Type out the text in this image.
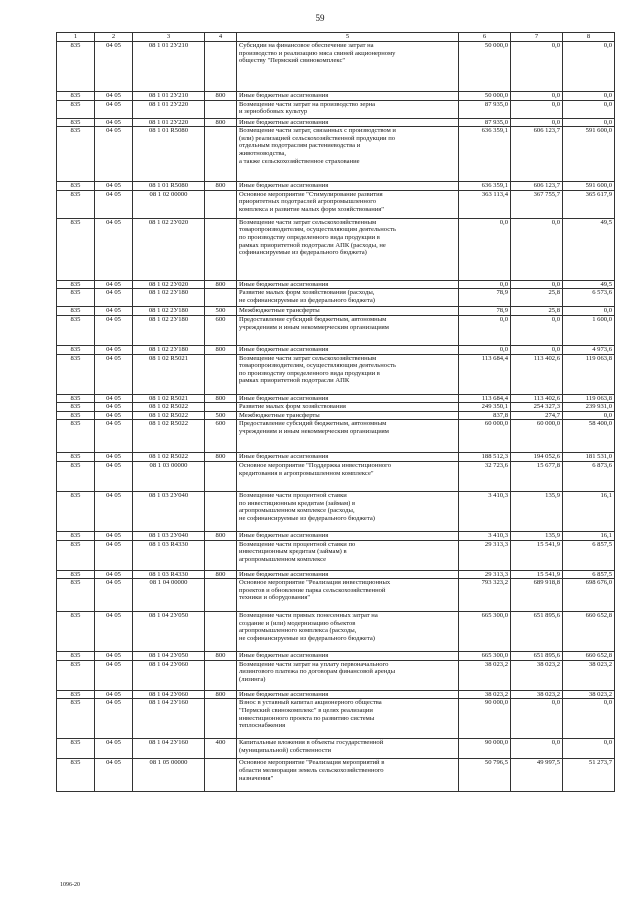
59
1	2	3	4	5	6	7	8
835	04 05	08 1 01 2У210		Субсидии на финансовое обеспечение затрат на
производство и реализацию мяса свиней акционерному
обществу "Пермский свинокомплекс"	50 000,0	0,0	0,0
835	04 05	08 1 01 2У210	800	Иные бюджетные ассигнования	50 000,0	0,0	0,0
835	04 05	08 1 01 2У220		Возмещение части затрат на производство зерна
и зернобобовых культур	87 935,0	0,0	0,0
835	04 05	08 1 01 2У220	800	Иные бюджетные ассигнования	87 935,0	0,0	0,0
835	04 05	08 1 01 R5080		Возмещение части затрат, связанных с производством и
(или) реализацией сельскохозяйственной продукции по
отдельным подотраслям растениеводства и
животноводства,
а также сельскохозяйственное страхование	636 359,1	606 123,7	591 600,0
835	04 05	08 1 01 R5080	800	Иные бюджетные ассигнования	636 359,1	606 123,7	591 600,0
835	04 05	08 1 02 00000		Основное мероприятие "Стимулирование развития
приоритетных подотраслей агропромышленного
комплекса и развитие малых форм хозяйствования"	363 113,4	367 755,7	365 617,9
835	04 05	08 1 02 2У020		Возмещение части затрат сельскохозяйственным
товаропроизводителям, осуществляющим деятельность
по производству определенного вида продукции в
рамках приоритетной подотрасли АПК (расходы, не
софинансируемые из федерального бюджета)	0,0	0,0	49,5
835	04 05	08 1 02 2У020	800	Иные бюджетные ассигнования	0,0	0,0	49,5
835	04 05	08 1 02 2У180		Развитие малых форм хозяйствования (расходы,
не софинансируемые из федерального бюджета)	78,9	25,8	6 573,6
835	04 05	08 1 02 2У180	500	Межбюджетные трансферты	78,9	25,8	0,0
835	04 05	08 1 02 2У180	600	Предоставление субсидий бюджетным, автономным
учреждениям и иным некоммерческим организациям	0,0	0,0	1 600,0
835	04 05	08 1 02 2У180	800	Иные бюджетные ассигнования	0,0	0,0	4 973,6
835	04 05	08 1 02 R5021		Возмещение части затрат сельскохозяйственным
товаропроизводителям, осуществляющим деятельность
по производству определенного вида продукции в
рамках приоритетной подотрасли АПК	113 684,4	113 402,6	119 063,8
835	04 05	08 1 02 R5021	800	Иные бюджетные ассигнования	113 684,4	113 402,6	119 063,8
835	04 05	08 1 02 R5022		Развитие малых форм хозяйствования	249 350,1	254 327,3	239 931,0
835	04 05	08 1 02 R5022	500	Межбюджетные трансферты	837,8	274,7	0,0
835	04 05	08 1 02 R5022	600	Предоставление субсидий бюджетным, автономным
учреждениям и иным некоммерческим организациям	60 000,0	60 000,0	58 400,0
835	04 05	08 1 02 R5022	800	Иные бюджетные ассигнования	188 512,3	194 052,6	181 531,0
835	04 05	08 1 03 00000		Основное мероприятие "Поддержка инвестиционного
кредитования в агропромышленном комплексе"	32 723,6	15 677,8	6 873,6
835	04 05	08 1 03 2У040		Возмещение части процентной ставки
по инвестиционным кредитам (займам) в
агропромышленном комплексе (расходы,
не софинансируемые из федерального бюджета)	3 410,3	135,9	16,1
835	04 05	08 1 03 2У040	800	Иные бюджетные ассигнования	3 410,3	135,9	16,1
835	04 05	08 1 03 R4330		Возмещение части процентной ставки по
инвестиционным кредитам (займам) в
агропромышленном комплексе	29 313,3	15 541,9	6 857,5
835	04 05	08 1 03 R4330	800	Иные бюджетные ассигнования	29 313,3	15 541,9	6 857,5
835	04 05	08 1 04 00000		Основное мероприятие "Реализация инвестиционных
проектов и обновление парка сельскохозяйственной
техники и оборудования"	793 323,2	689 918,8	698 676,0
835	04 05	08 1 04 2У050		Возмещение части прямых понесенных затрат на
создание и (или) модернизацию объектов
агропромышленного комплекса (расходы,
не софинансируемые из федерального бюджета)	665 300,0	651 895,6	660 652,8
835	04 05	08 1 04 2У050	800	Иные бюджетные ассигнования	665 300,0	651 895,6	660 652,8
835	04 05	08 1 04 2У060		Возмещение части затрат на уплату первоначального
лизингового платежа по договорам финансовой аренды
(лизинга)	38 023,2	38 023,2	38 023,2
835	04 05	08 1 04 2У060	800	Иные бюджетные ассигнования	38 023,2	38 023,2	38 023,2
835	04 05	08 1 04 2У160		Взнос в уставный капитал акционерного общества
"Пермский свинокомплекс" в целях реализации
инвестиционного проекта по развитию системы
теплоснабжения	90 000,0	0,0	0,0
835	04 05	08 1 04 2У160	400	Капитальные вложения в объекты государственной
(муниципальной) собственности	90 000,0	0,0	0,0
835	04 05	08 1 05 00000		Основное мероприятие "Реализация мероприятий в
области мелиорации земель сельскохозяйственного
назначения"	50 796,5	49 997,5	51 273,7
1096-20
